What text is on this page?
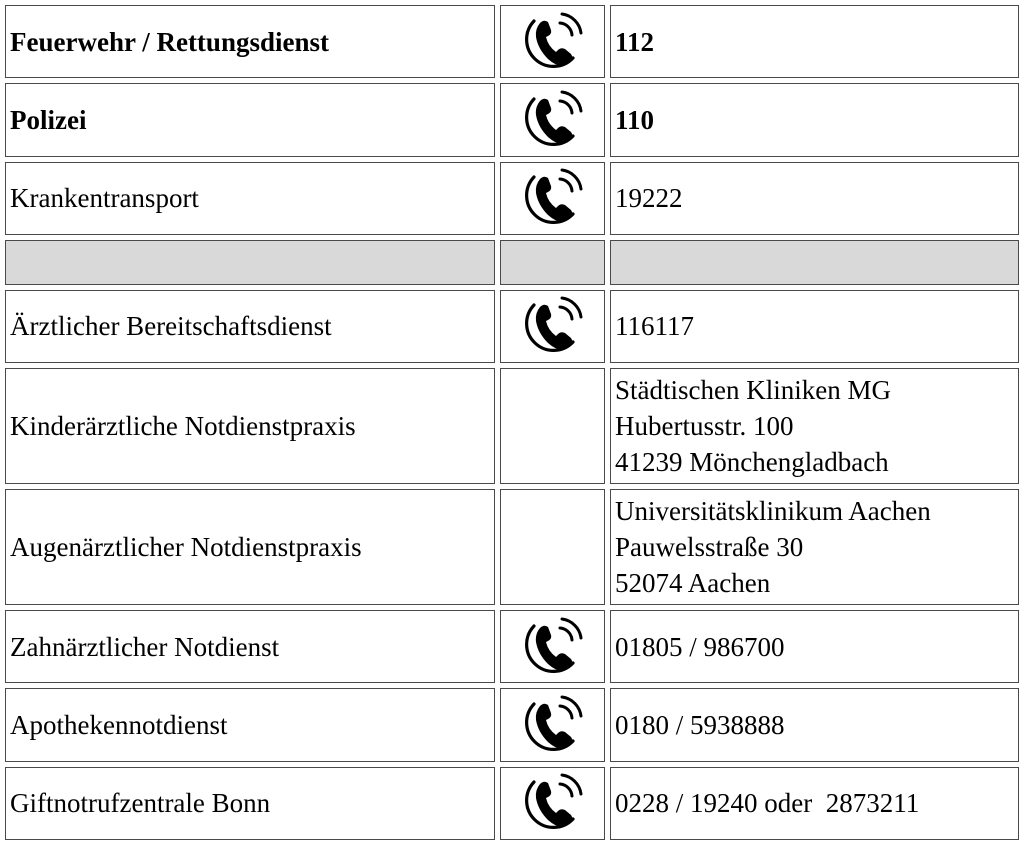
Feuerwehr / Rettungsdienst		112
Polizei		110
Krankentransport		19222

Ärztlicher Bereitschaftsdienst		116117
Kinderärztliche Notdienstpraxis		Städtischen Kliniken MG
Hubertusstr. 100
41239 Mönchengladbach

Augenärztlicher Notdienstpraxis		Universitätsklinikum Aachen
Pauwelsstraße 30
52074 Aachen

Zahnärztlicher Notdienst		01805 / 986700
Apothekennotdienst		0180 / 5938888
Giftnotrufzentrale Bonn		0228 / 19240 oder  2873211
